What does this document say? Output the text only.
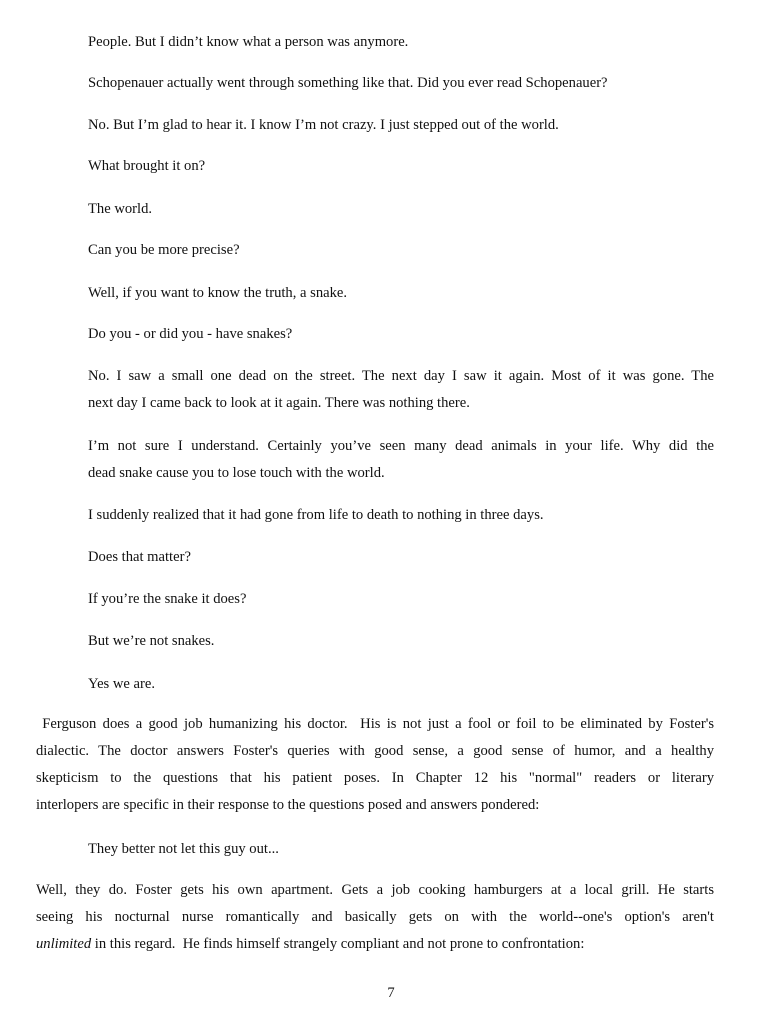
People. But I didn’t know what a person was anymore.

Schopenauer actually went through something like that. Did you ever read Schopenauer?

No. But I’m glad to hear it. I know I’m not crazy. I just stepped out of the world.

What brought it on?

The world.

Can you be more precise?

Well, if you want to know the truth, a snake.

Do you - or did you - have snakes?

No. I saw a small one dead on the street. The next day I saw it again. Most of it was gone. The
next day I came back to look at it again. There was nothing there.
I’m not sure I understand. Certainly you’ve seen many dead animals in your life. Why did the
dead snake cause you to lose touch with the world.

I suddenly realized that it had gone from life to death to nothing in three days.

Does that matter?

If you’re the snake it does?

But we’re not snakes.

Yes we are.

Ferguson does a good job humanizing his doctor.  His is not just a fool or foil to be eliminated by Foster's
dialectic. The doctor answers Foster's queries with good sense, a good sense of humor, and a healthy
skepticism to the questions that his patient poses. In Chapter 12 his "normal" readers or literary
interlopers are specific in their response to the questions posed and answers pondered:

They better not let this guy out...

Well, they do. Foster gets his own apartment. Gets a job cooking hamburgers at a local grill. He starts
seeing his nocturnal nurse romantically and basically gets on with the world--one's option's aren't
unlimited in this regard.  He finds himself strangely compliant and not prone to confrontation:
7
